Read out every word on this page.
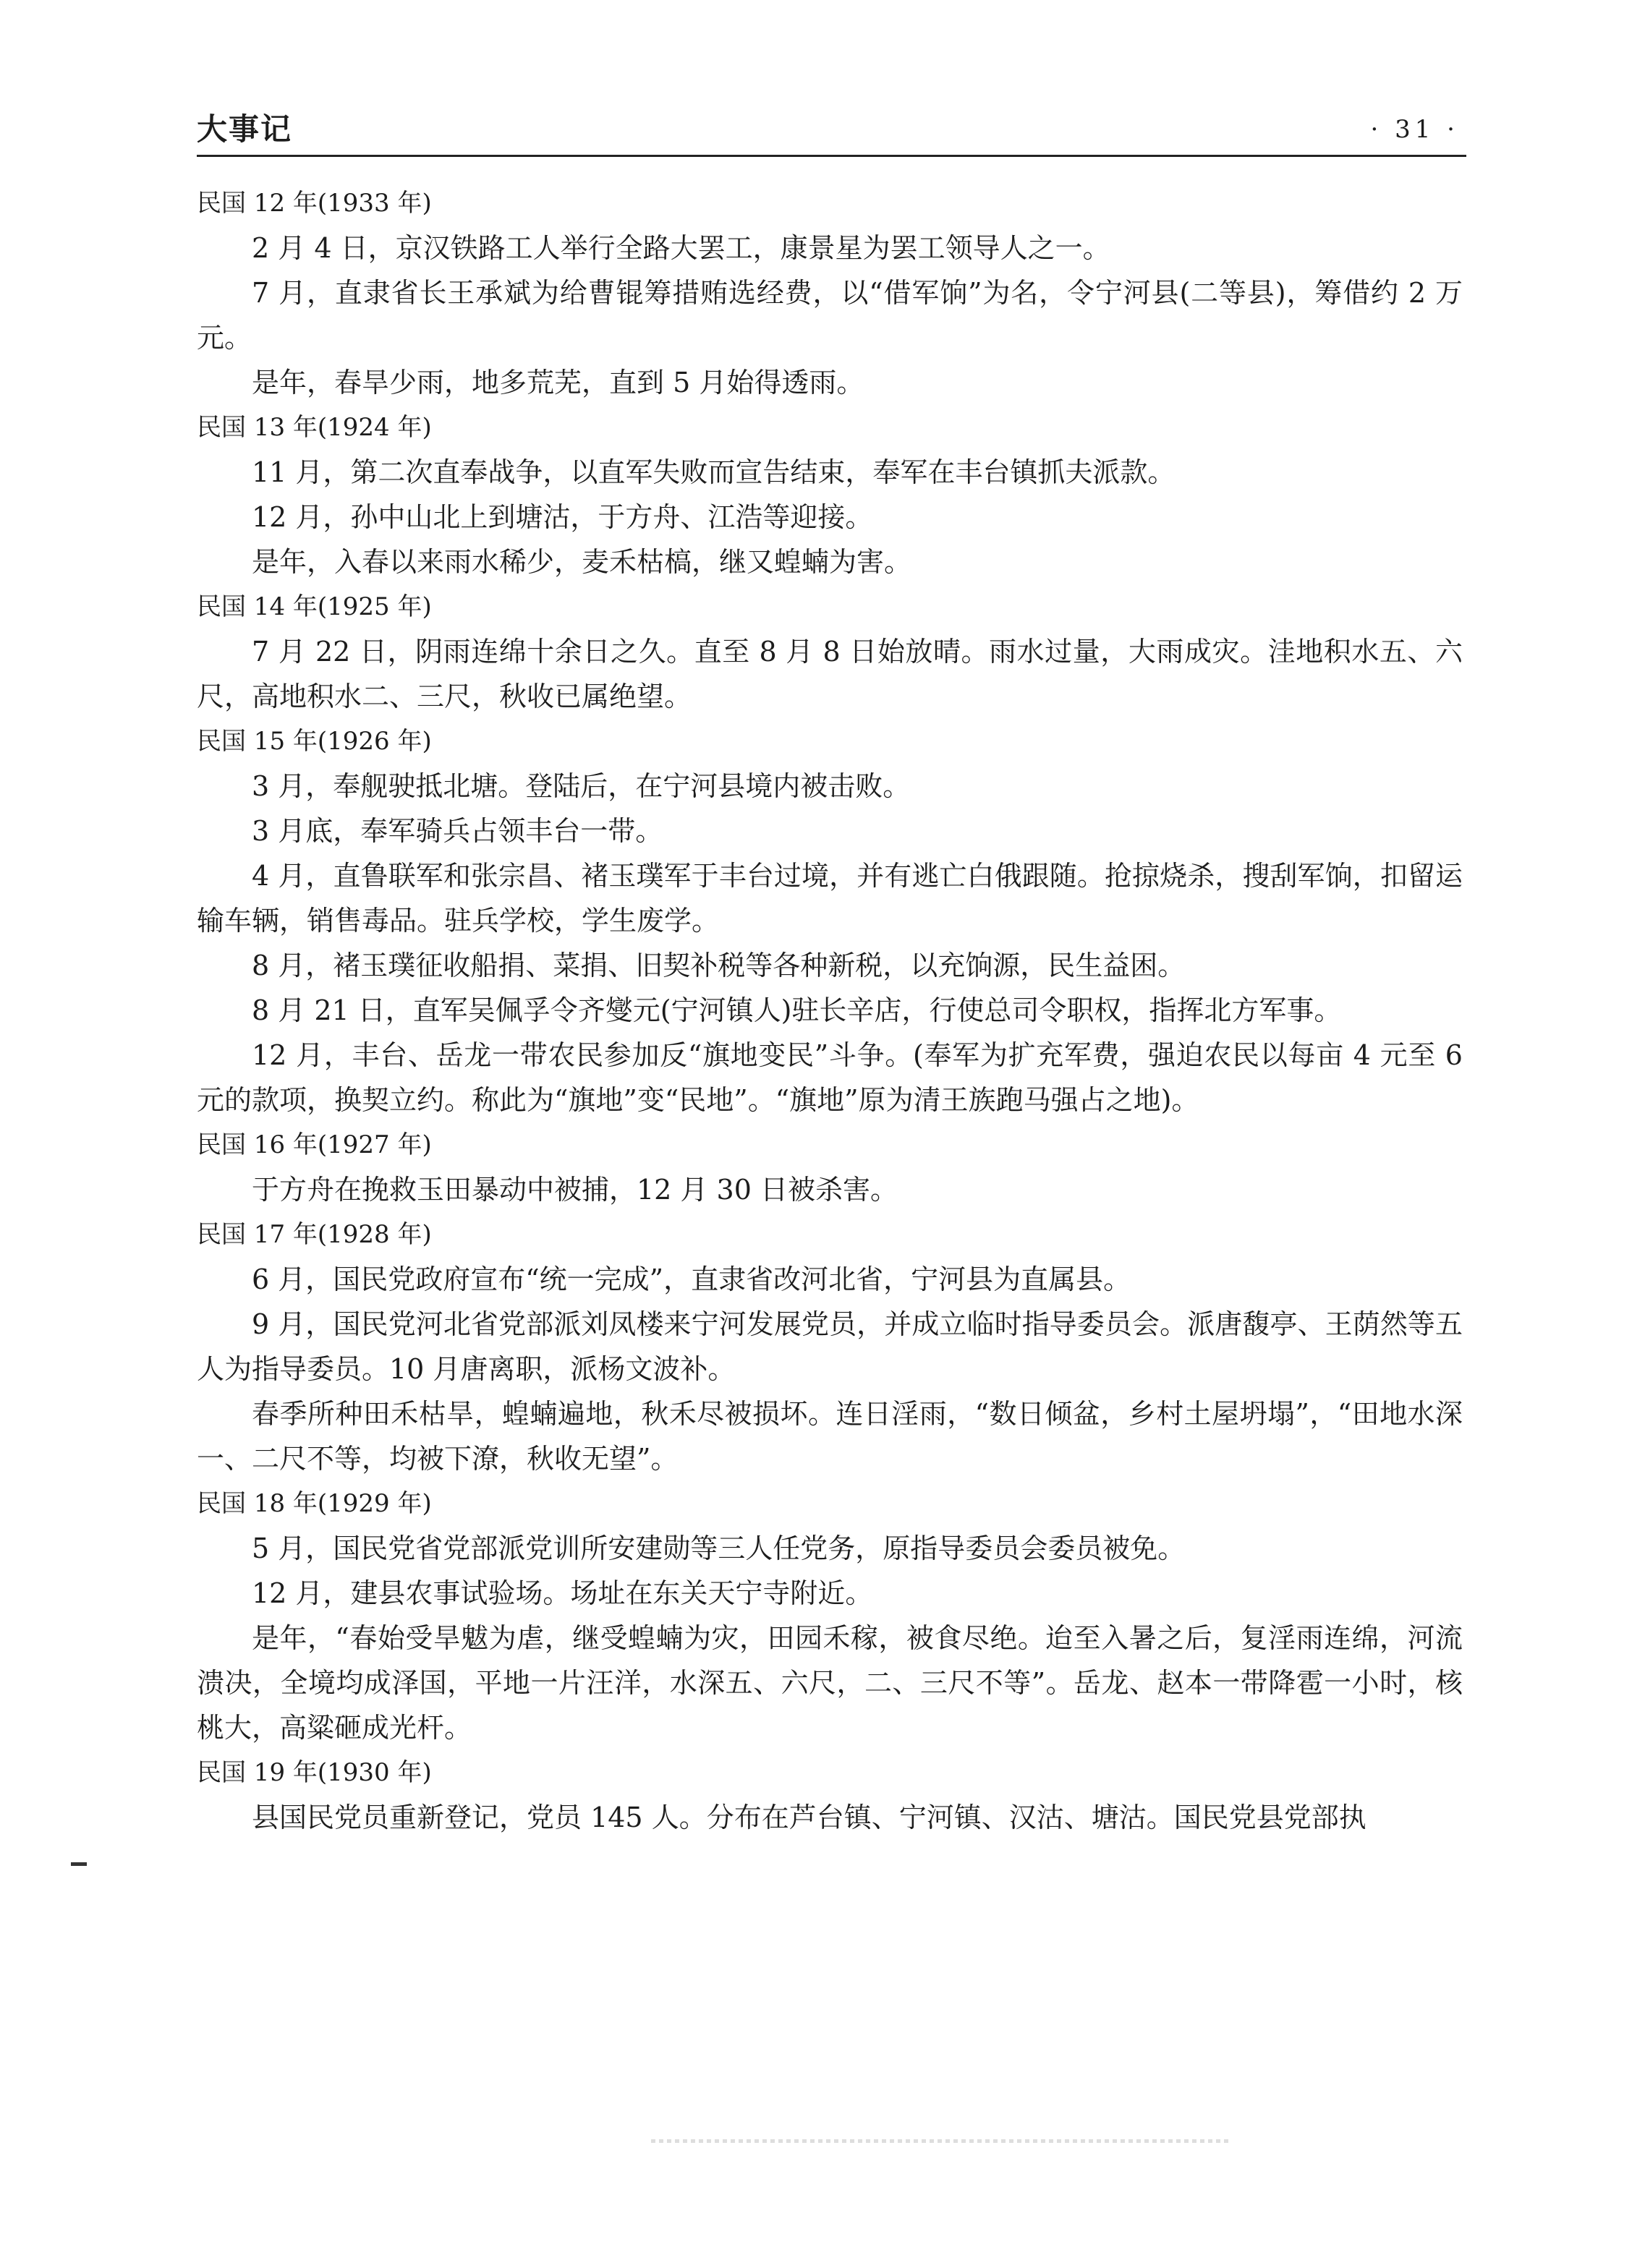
大事记	· 31 ·
民国 12 年(1933 年)

2 月 4 日，京汉铁路工人举行全路大罢工，康景星为罢工领导人之一。

7 月，直隶省长王承斌为给曹锟筹措贿选经费，以“借军饷”为名，令宁河县(二等县)，筹借约 2 万元。

是年，春旱少雨，地多荒芜，直到 5 月始得透雨。

民国 13 年(1924 年)

11 月，第二次直奉战争，以直军失败而宣告结束，奉军在丰台镇抓夫派款。

12 月，孙中山北上到塘沽，于方舟、江浩等迎接。

是年，入春以来雨水稀少，麦禾枯槁，继又蝗蝻为害。

民国 14 年(1925 年)

7 月 22 日，阴雨连绵十余日之久。直至 8 月 8 日始放晴。雨水过量，大雨成灾。洼地积水五、六尺，高地积水二、三尺，秋收已属绝望。

民国 15 年(1926 年)

3 月，奉舰驶抵北塘。登陆后，在宁河县境内被击败。

3 月底，奉军骑兵占领丰台一带。

4 月，直鲁联军和张宗昌、褚玉璞军于丰台过境，并有逃亡白俄跟随。抢掠烧杀，搜刮军饷，扣留运输车辆，销售毒品。驻兵学校，学生废学。

8 月，褚玉璞征收船捐、菜捐、旧契补税等各种新税，以充饷源，民生益困。

8 月 21 日，直军吴佩孚令齐燮元(宁河镇人)驻长辛店，行使总司令职权，指挥北方军事。

12 月，丰台、岳龙一带农民参加反“旗地变民”斗争。(奉军为扩充军费，强迫农民以每亩 4 元至 6 元的款项，换契立约。称此为“旗地”变“民地”。“旗地”原为清王族跑马强占之地)。

民国 16 年(1927 年)

于方舟在挽救玉田暴动中被捕，12 月 30 日被杀害。

民国 17 年(1928 年)

6 月，国民党政府宣布“统一完成”，直隶省改河北省，宁河县为直属县。

9 月，国民党河北省党部派刘凤楼来宁河发展党员，并成立临时指导委员会。派唐馥亭、王荫然等五人为指导委员。10 月唐离职，派杨文波补。

春季所种田禾枯旱，蝗蝻遍地，秋禾尽被损坏。连日淫雨，“数日倾盆，乡村土屋坍塌”，“田地水深一、二尺不等，均被下潦，秋收无望”。

民国 18 年(1929 年)

5 月，国民党省党部派党训所安建勋等三人任党务，原指导委员会委员被免。

12 月，建县农事试验场。场址在东关天宁寺附近。

是年，“春始受旱魃为虐，继受蝗蝻为灾，田园禾稼，被食尽绝。迨至入暑之后，复淫雨连绵，河流溃决，全境均成泽国，平地一片汪洋，水深五、六尺，二、三尺不等”。岳龙、赵本一带降雹一小时，核桃大，高粱砸成光杆。

民国 19 年(1930 年)

县国民党员重新登记，党员 145 人。分布在芦台镇、宁河镇、汉沽、塘沽。国民党县党部执
